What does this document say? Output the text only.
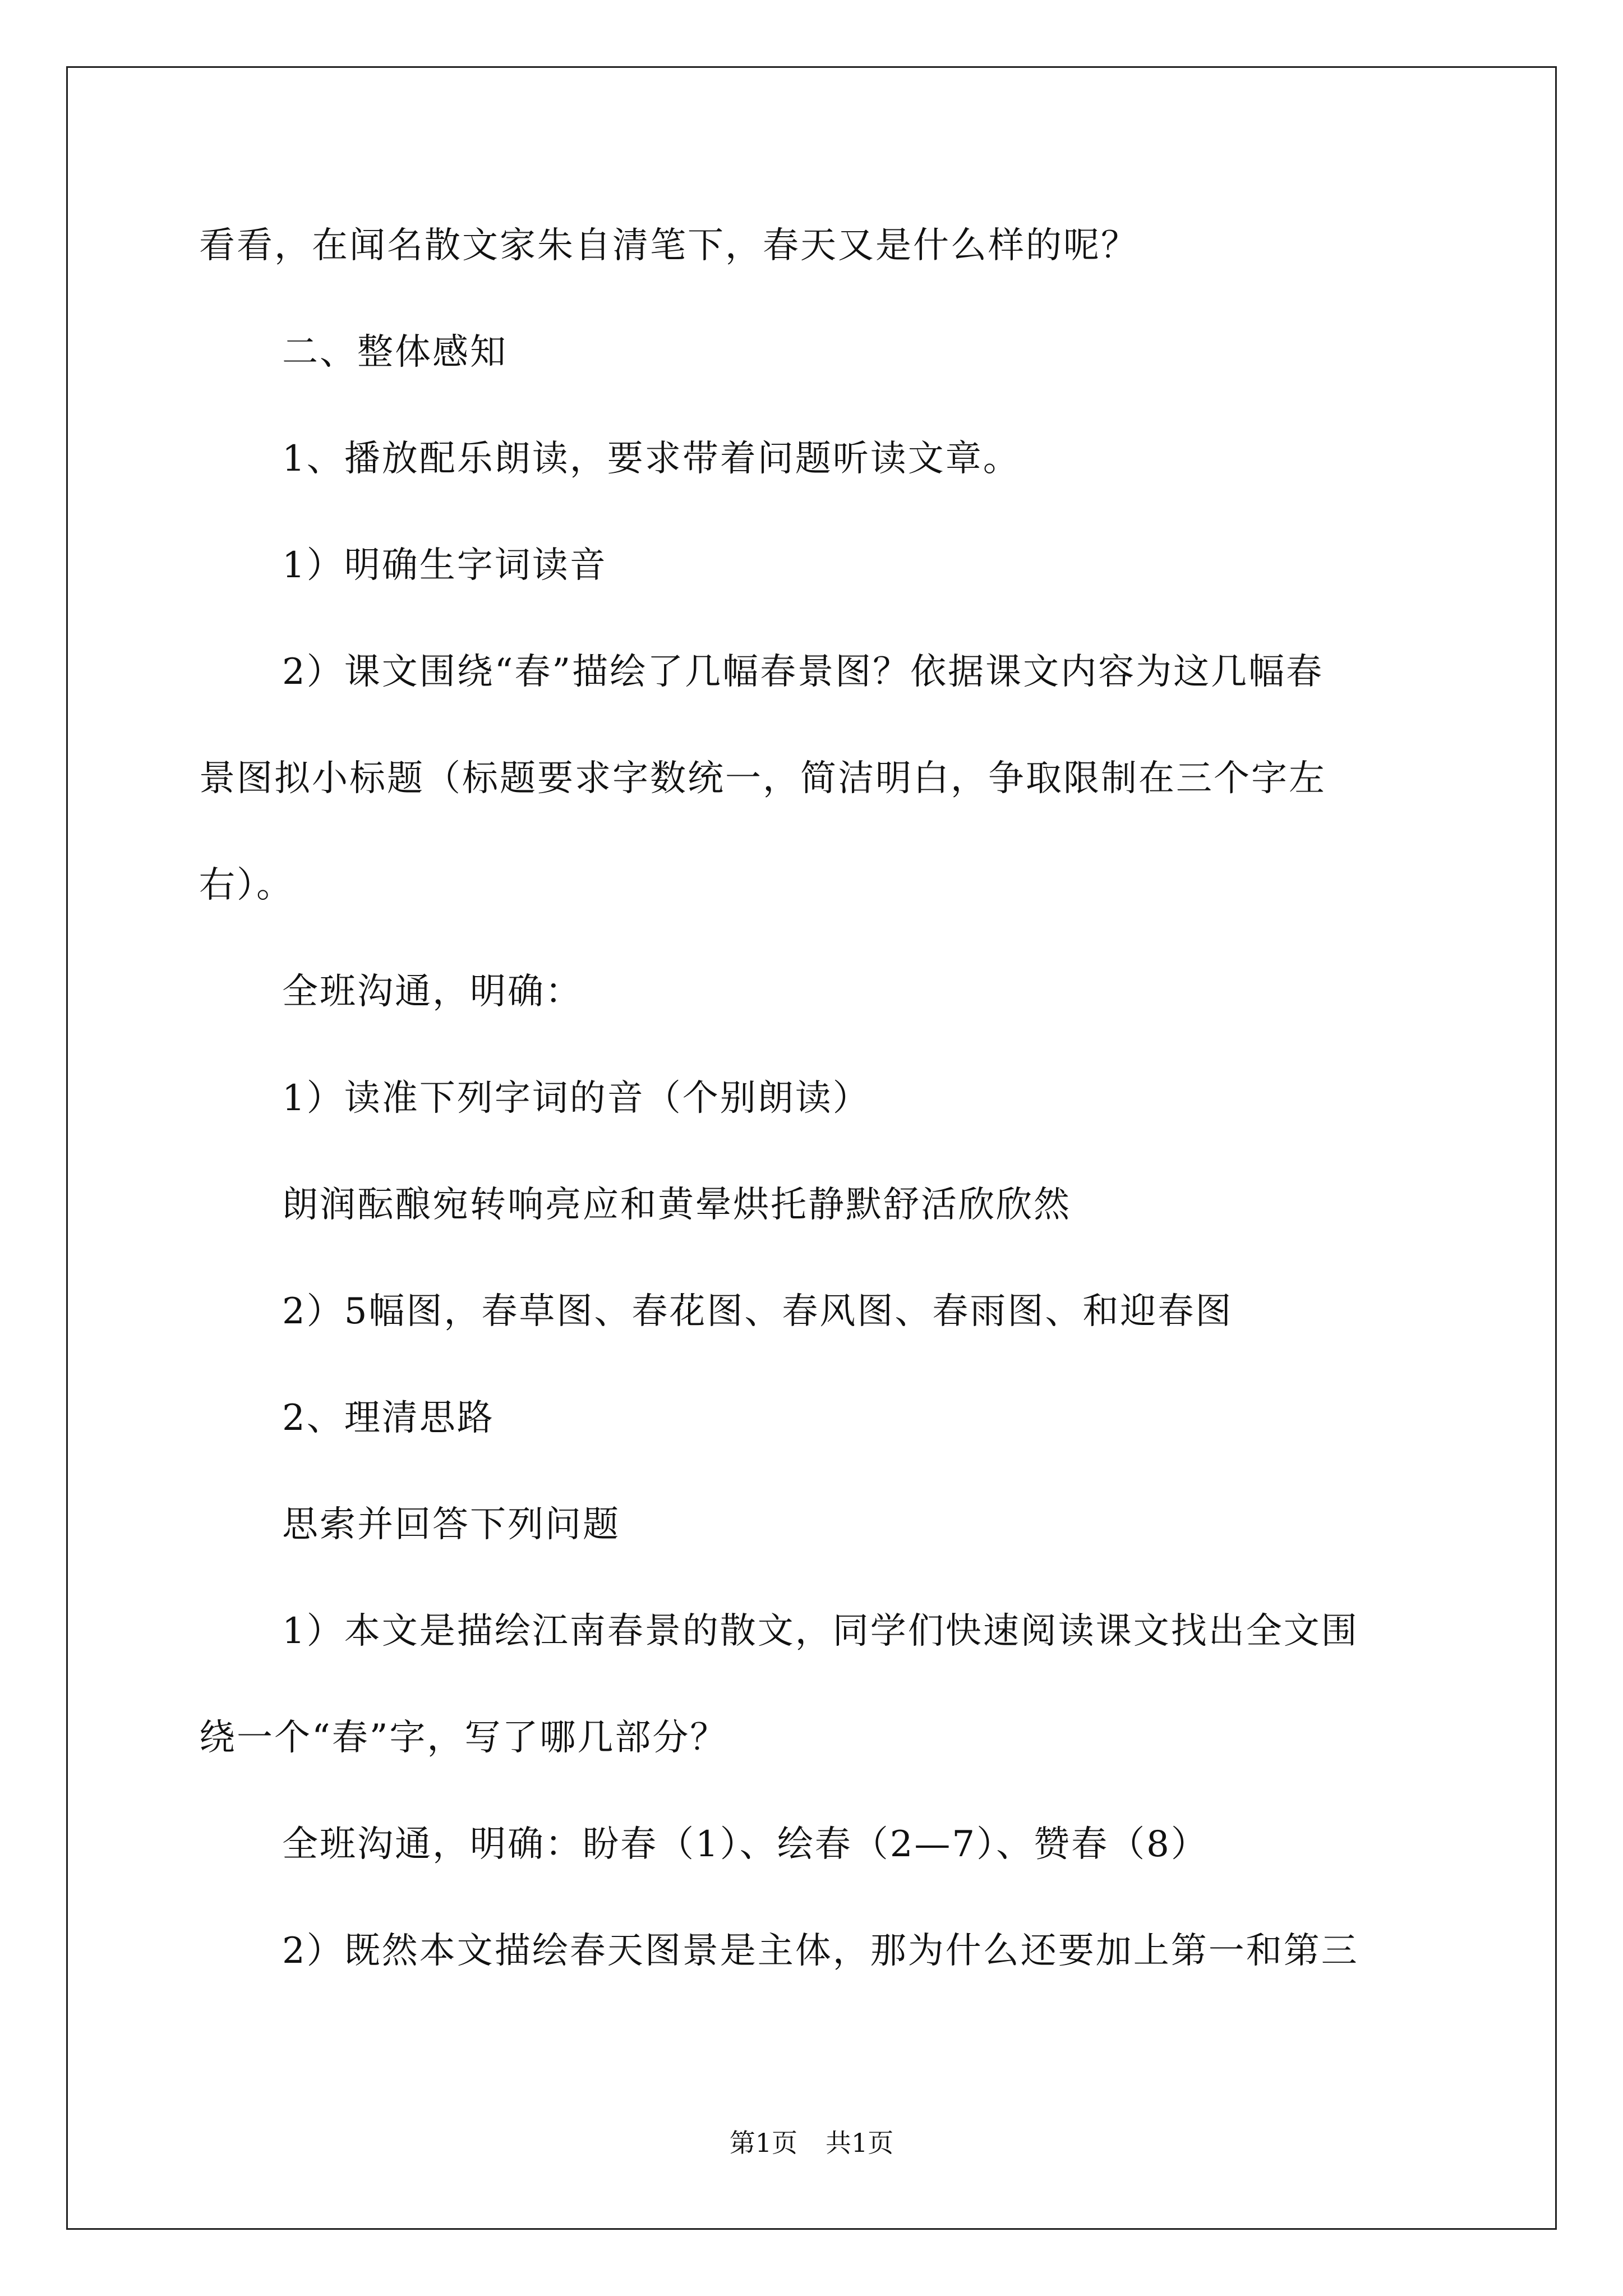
看看，在闻名散文家朱自清笔下，春天又是什么样的呢？
二、整体感知
1、播放配乐朗读，要求带着问题听读文章。
1）明确生字词读音
2）课文围绕“春”描绘了几幅春景图？依据课文内容为这几幅春
景图拟小标题（标题要求字数统一，简洁明白，争取限制在三个字左
右）。
全班沟通，明确：
1）读准下列字词的音（个别朗读）
朗润酝酿宛转响亮应和黄晕烘托静默舒活欣欣然
2）5幅图，春草图、春花图、春风图、春雨图、和迎春图
2、理清思路
思索并回答下列问题
1）本文是描绘江南春景的散文，同学们快速阅读课文找出全文围
绕一个“春”字，写了哪几部分？
全班沟通，明确：盼春（1）、绘春（2—7）、赞春（8）
2）既然本文描绘春天图景是主体，那为什么还要加上第一和第三
第1页 共1页
